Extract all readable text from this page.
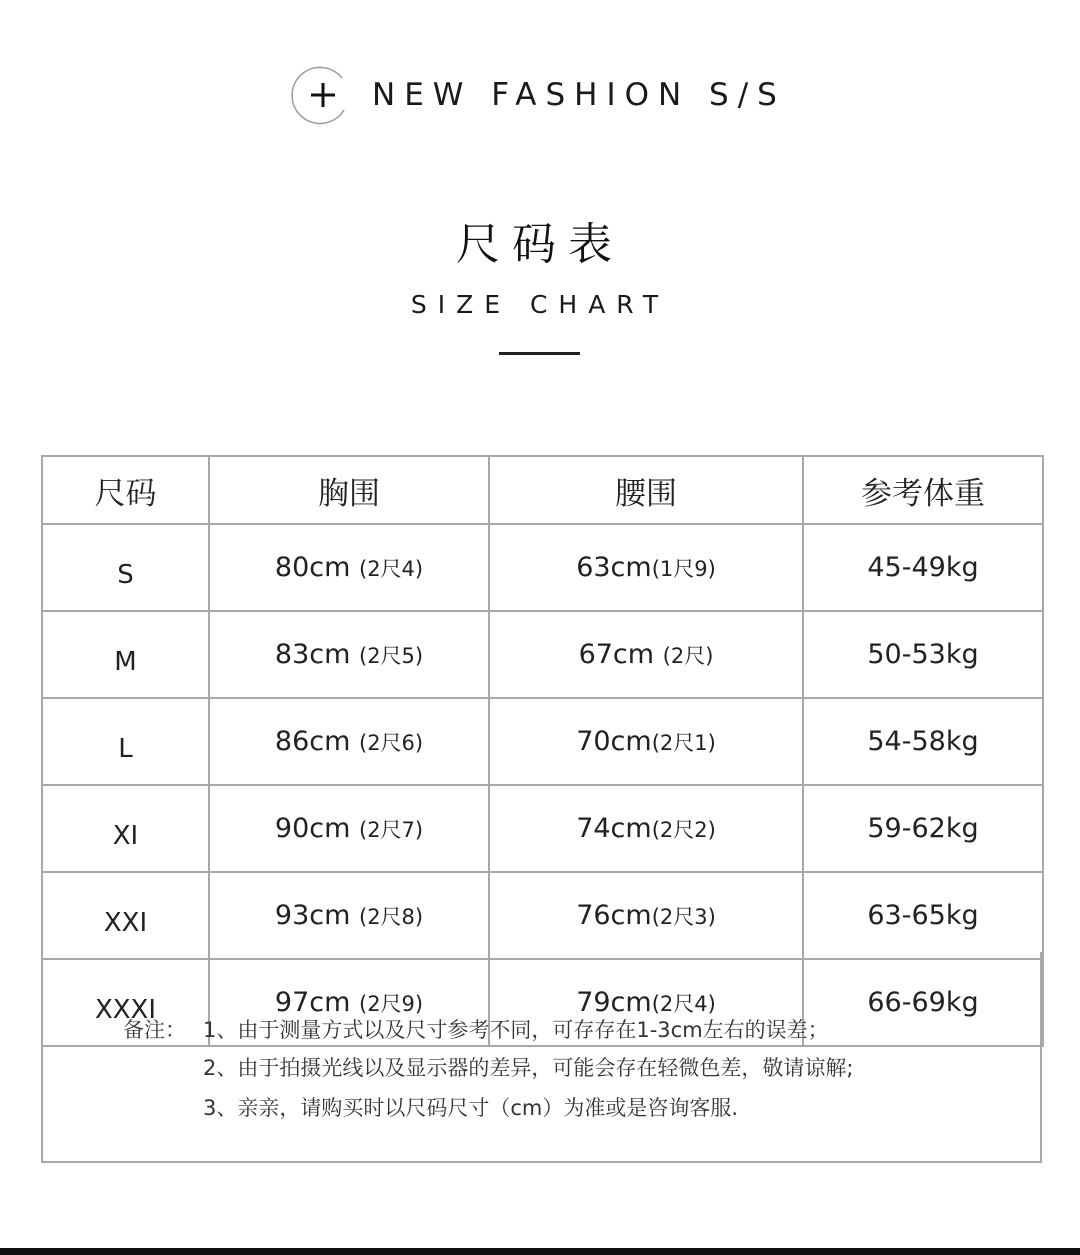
NEW FASHION S/S
尺码表
SIZE CHART
尺码	胸围	腰围	参考体重
S	80cm (2尺4)	63cm(1尺9)	45-49kg
M	83cm (2尺5)	67cm (2尺)	50-53kg
L	86cm (2尺6)	70cm(2尺1)	54-58kg
XI	90cm (2尺7)	74cm(2尺2)	59-62kg
XXI	93cm (2尺8)	76cm(2尺3)	63-65kg
XXXI	97cm (2尺9)	79cm(2尺4)	66-69kg
备注： 1、由于测量方式以及尺寸参考不同，可存存在1-3cm左右的误差；
2、由于拍摄光线以及显示器的差异，可能会存在轻微色差，敬请谅解;
3、亲亲，请购买时以尺码尺寸（cm）为准或是咨询客服.
